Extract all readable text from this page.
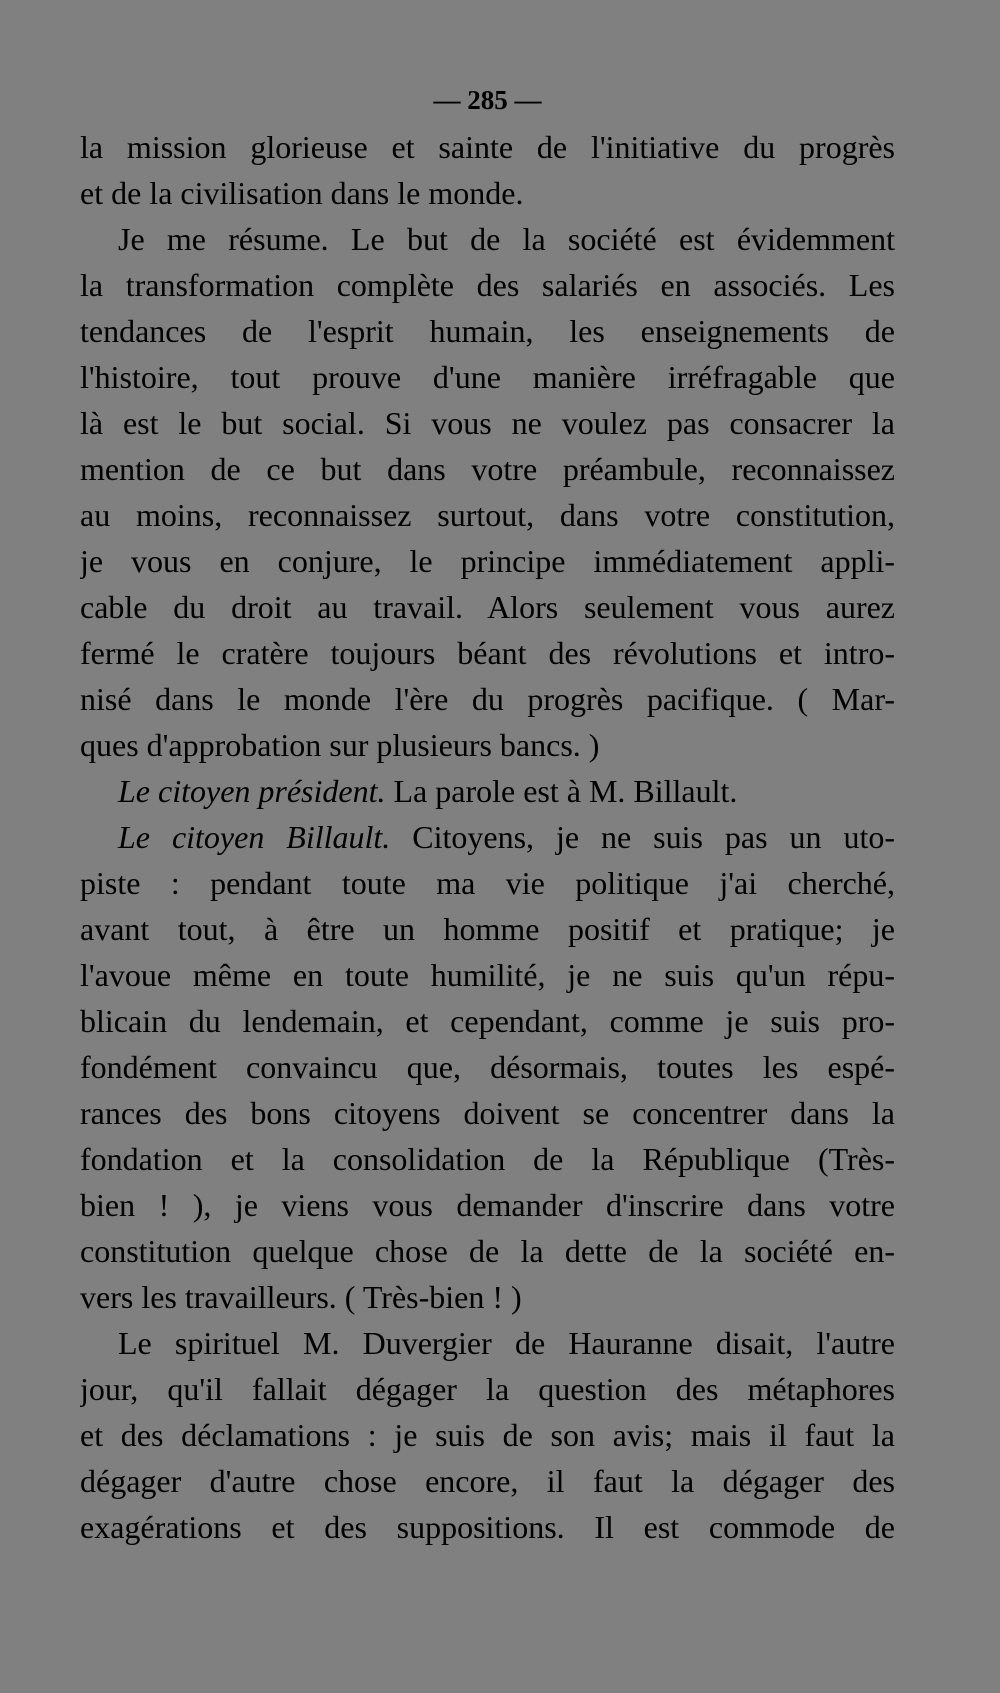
— 285 —
la mission glorieuse et sainte de l'initiative du progrès
et de la civilisation dans le monde.
Je me résume. Le but de la société est évidemment
la transformation complète des salariés en associés. Les
tendances de l'esprit humain, les enseignements de
l'histoire, tout prouve d'une manière irréfragable que
là est le but social. Si vous ne voulez pas consacrer la
mention de ce but dans votre préambule, reconnaissez
au moins, reconnaissez surtout, dans votre constitution,
je vous en conjure, le principe immédiatement appli-
cable du droit au travail. Alors seulement vous aurez
fermé le cratère toujours béant des révolutions et intro-
nisé dans le monde l'ère du progrès pacifique. ( Mar-
ques d'approbation sur plusieurs bancs. )
Le citoyen président. La parole est à M. Billault.
Le citoyen Billault. Citoyens, je ne suis pas un uto-
piste : pendant toute ma vie politique j'ai cherché,
avant tout, à être un homme positif et pratique; je
l'avoue même en toute humilité, je ne suis qu'un répu-
blicain du lendemain, et cependant, comme je suis pro-
fondément convaincu que, désormais, toutes les espé-
rances des bons citoyens doivent se concentrer dans la
fondation et la consolidation de la République (Très-
bien ! ), je viens vous demander d'inscrire dans votre
constitution quelque chose de la dette de la société en-
vers les travailleurs. ( Très-bien ! )
Le spirituel M. Duvergier de Hauranne disait, l'autre
jour, qu'il fallait dégager la question des métaphores
et des déclamations : je suis de son avis; mais il faut la
dégager d'autre chose encore, il faut la dégager des
exagérations et des suppositions. Il est commode de
